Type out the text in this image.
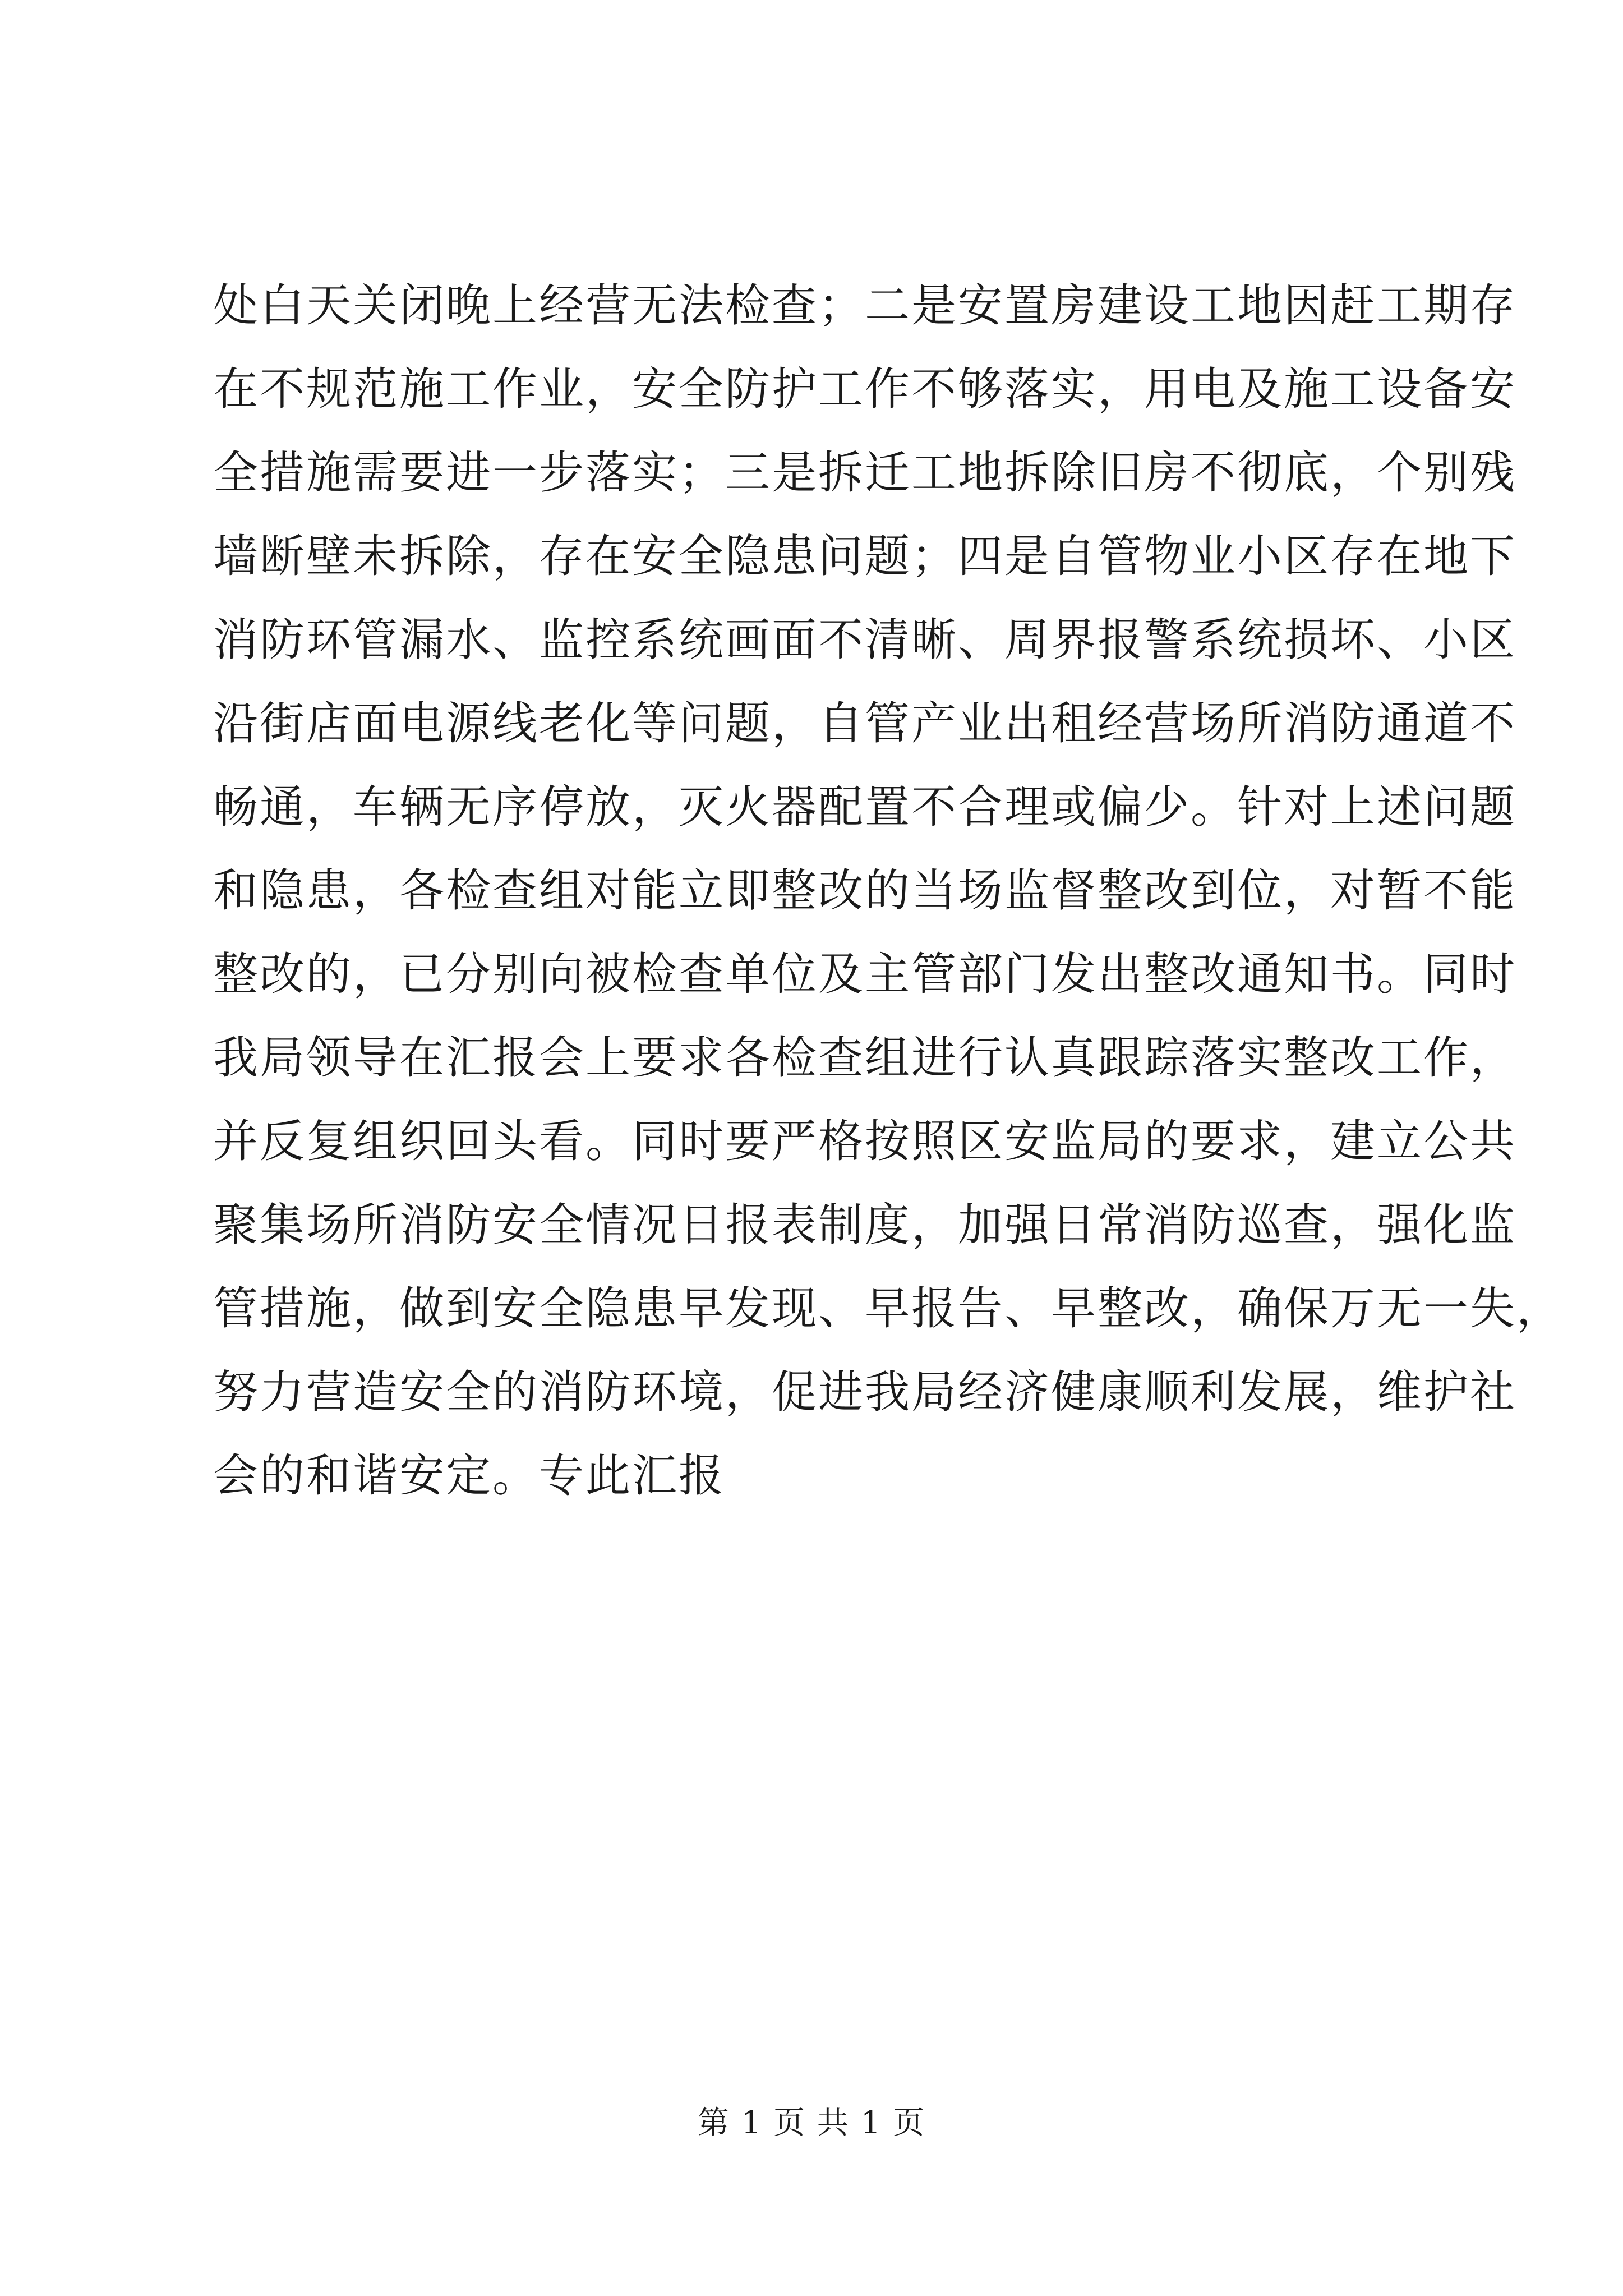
处白天关闭晚上经营无法检查；二是安置房建设工地因赶工期存
在不规范施工作业，安全防护工作不够落实，用电及施工设备安
全措施需要进一步落实；三是拆迁工地拆除旧房不彻底，个别残
墙断壁未拆除，存在安全隐患问题；四是自管物业小区存在地下
消防环管漏水、监控系统画面不清晰、周界报警系统损坏、小区
沿街店面电源线老化等问题，自管产业出租经营场所消防通道不
畅通，车辆无序停放，灭火器配置不合理或偏少。针对上述问题
和隐患，各检查组对能立即整改的当场监督整改到位，对暂不能
整改的，已分别向被检查单位及主管部门发出整改通知书。同时
我局领导在汇报会上要求各检查组进行认真跟踪落实整改工作，
并反复组织回头看。同时要严格按照区安监局的要求，建立公共
聚集场所消防安全情况日报表制度，加强日常消防巡查，强化监
管措施，做到安全隐患早发现、早报告、早整改，确保万无一失，
努力营造安全的消防环境，促进我局经济健康顺利发展，维护社
会的和谐安定。专此汇报
第 1 页 共 1 页
